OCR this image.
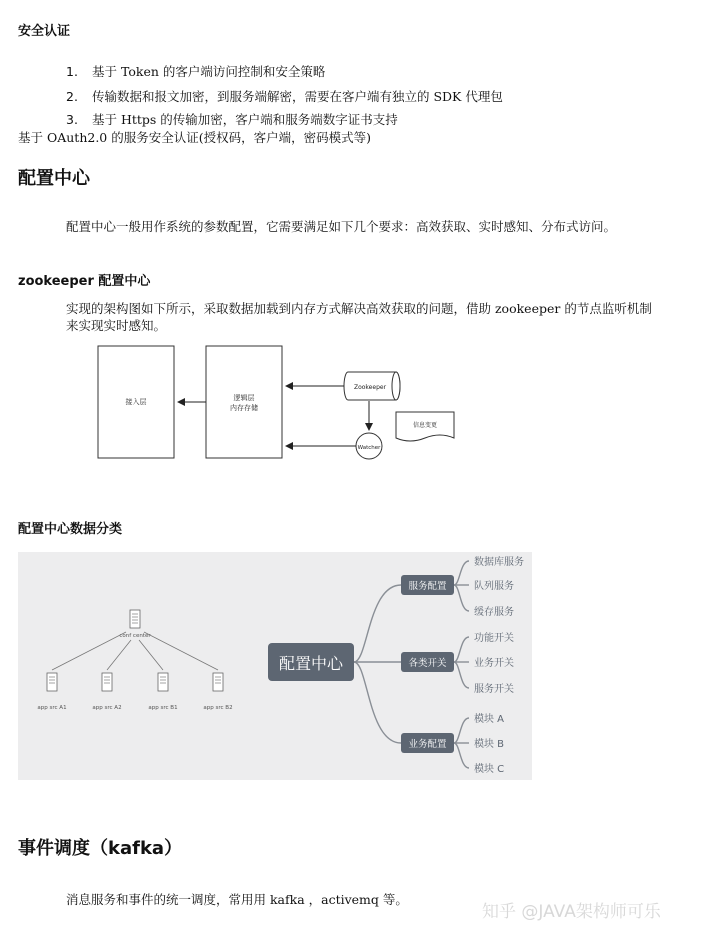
安全认证
1. 基于 Token 的客户端访问控制和安全策略
2. 传输数据和报文加密，到服务端解密，需要在客户端有独立的 SDK 代理包
3. 基于 Https 的传输加密，客户端和服务端数字证书支持
基于 OAuth2.0 的服务安全认证(授权码，客户端，密码模式等)
配置中心
配置中心一般用作系统的参数配置，它需要满足如下几个要求：高效获取、实时感知、分布式访问。
zookeeper 配置中心
实现的架构图如下所示，采取数据加载到内存方式解决高效获取的问题，借助 zookeeper 的节点监听机制来实现实时感知。
接入层	逻辑层
内存存储
Zookeeper
Watcher
信息变更
配置中心数据分类
conf center
app src A1	app src A2	app src B1	app src B2
配置中心
服务配置
各类开关
业务配置
数据库服务
队列服务
缓存服务
功能开关
业务开关
服务开关
模块 A
模块 B
模块 C
事件调度（kafka）
消息服务和事件的统一调度，常用用 kafka ，activemq 等。
知乎 @JAVA架构师可乐
